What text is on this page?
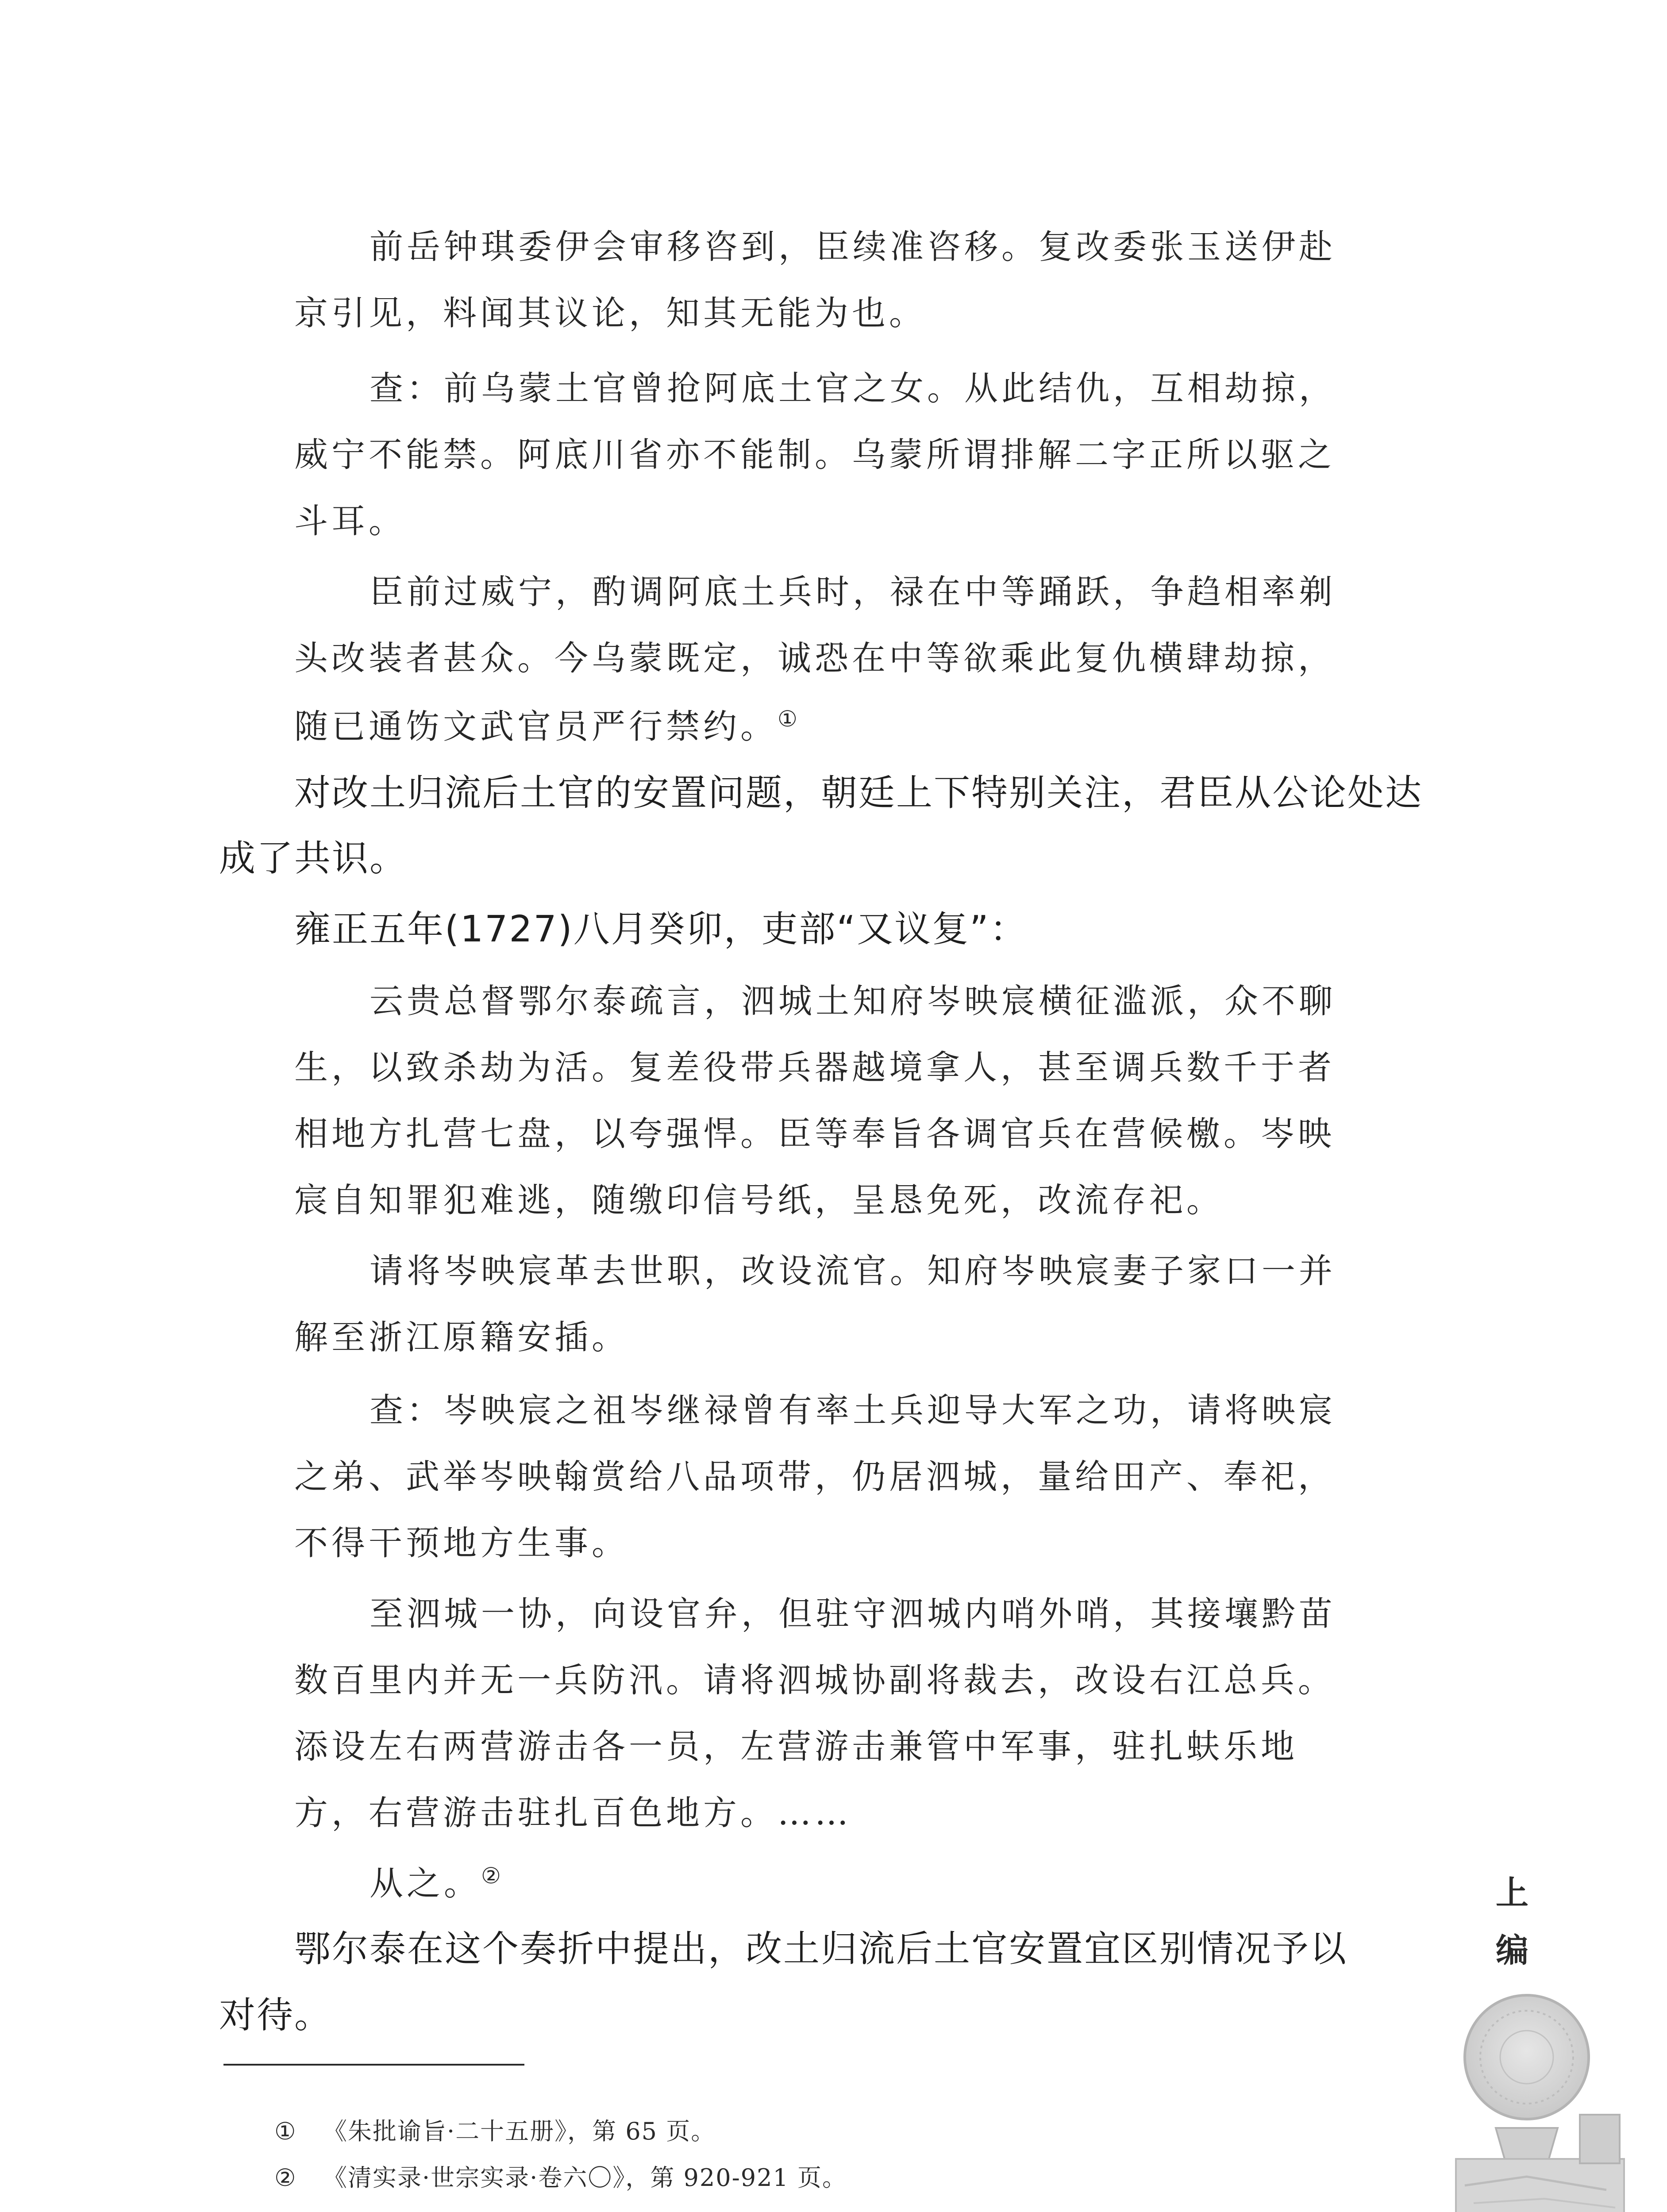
前岳钟琪委伊会审移咨到，臣续准咨移。复改委张玉送伊赴
京引见，料闻其议论，知其无能为也。
查：前乌蒙土官曾抢阿底土官之女。从此结仇，互相劫掠，
威宁不能禁。阿底川省亦不能制。乌蒙所谓排解二字正所以驱之
斗耳。
臣前过威宁，酌调阿底土兵时，禄在中等踊跃，争趋相率剃
头改装者甚众。今乌蒙既定，诚恐在中等欲乘此复仇横肆劫掠，
随已通饬文武官员严行禁约。①
对改土归流后土官的安置问题，朝廷上下特别关注，君臣从公论处达
成了共识。
雍正五年(1727)八月癸卯，吏部“又议复”：
云贵总督鄂尔泰疏言，泗城土知府岑映宸横征滥派，众不聊
生，以致杀劫为活。复差役带兵器越境拿人，甚至调兵数千于者
相地方扎营七盘，以夸强悍。臣等奉旨各调官兵在营候檄。岑映
宸自知罪犯难逃，随缴印信号纸，呈恳免死，改流存祀。
请将岑映宸革去世职，改设流官。知府岑映宸妻子家口一并
解至浙江原籍安插。
查：岑映宸之祖岑继禄曾有率土兵迎导大军之功，请将映宸
之弟、武举岑映翰赏给八品项带，仍居泗城，量给田产、奉祀，
不得干预地方生事。
至泗城一协，向设官弁，但驻守泗城内哨外哨，其接壤黔苗
数百里内并无一兵防汛。请将泗城协副将裁去，改设右江总兵。
添设左右两营游击各一员，左营游击兼管中军事，驻扎蚨乐地
方，右营游击驻扎百色地方。……
从之。②
鄂尔泰在这个奏折中提出，改土归流后土官安置宜区别情况予以
对待。
① 《朱批谕旨·二十五册》，第 65 页。
② 《清实录·世宗实录·卷六〇》，第 920-921 页。
上
编
